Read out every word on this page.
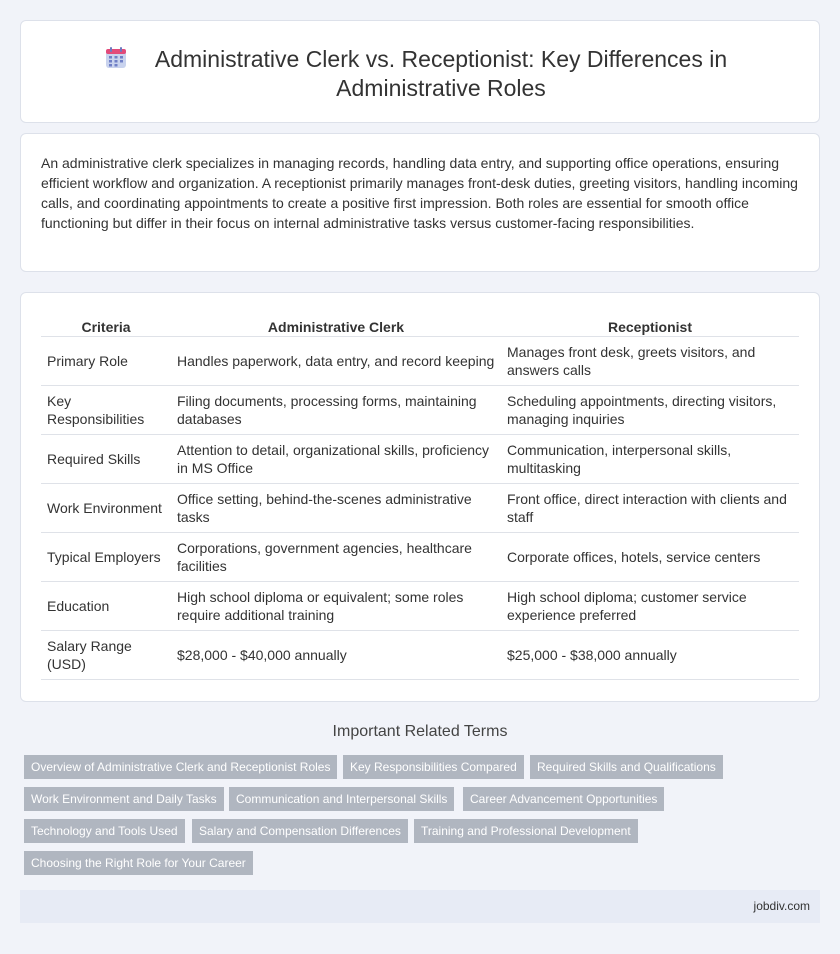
Administrative Clerk vs. Receptionist: Key Differences in Administrative Roles

An administrative clerk specializes in managing records, handling data entry, and supporting office operations, ensuring efficient workflow and organization. A receptionist primarily manages front-desk duties, greeting visitors, handling incoming calls, and coordinating appointments to create a positive first impression. Both roles are essential for smooth office functioning but differ in their focus on internal administrative tasks versus customer-facing responsibilities.

Criteria	Administrative Clerk	Receptionist
Primary Role	Handles paperwork, data entry, and record keeping	Manages front desk, greets visitors, and answers calls
Key Responsibilities	Filing documents, processing forms, maintaining databases	Scheduling appointments, directing visitors, managing inquiries
Required Skills	Attention to detail, organizational skills, proficiency in MS Office	Communication, interpersonal skills, multitasking
Work Environment	Office setting, behind-the-scenes administrative tasks	Front office, direct interaction with clients and staff
Typical Employers	Corporations, government agencies, healthcare facilities	Corporate offices, hotels, service centers
Education	High school diploma or equivalent; some roles require additional training	High school diploma; customer service experience preferred
Salary Range (USD)	$28,000 - $40,000 annually	$25,000 - $38,000 annually
Important Related Terms
Overview of Administrative Clerk and Receptionist Roles	Key Responsibilities Compared	Required Skills and Qualifications
Work Environment and Daily Tasks	Communication and Interpersonal Skills	Career Advancement Opportunities
Technology and Tools Used	Salary and Compensation Differences	Training and Professional Development
Choosing the Right Role for Your Career
jobdiv.com
